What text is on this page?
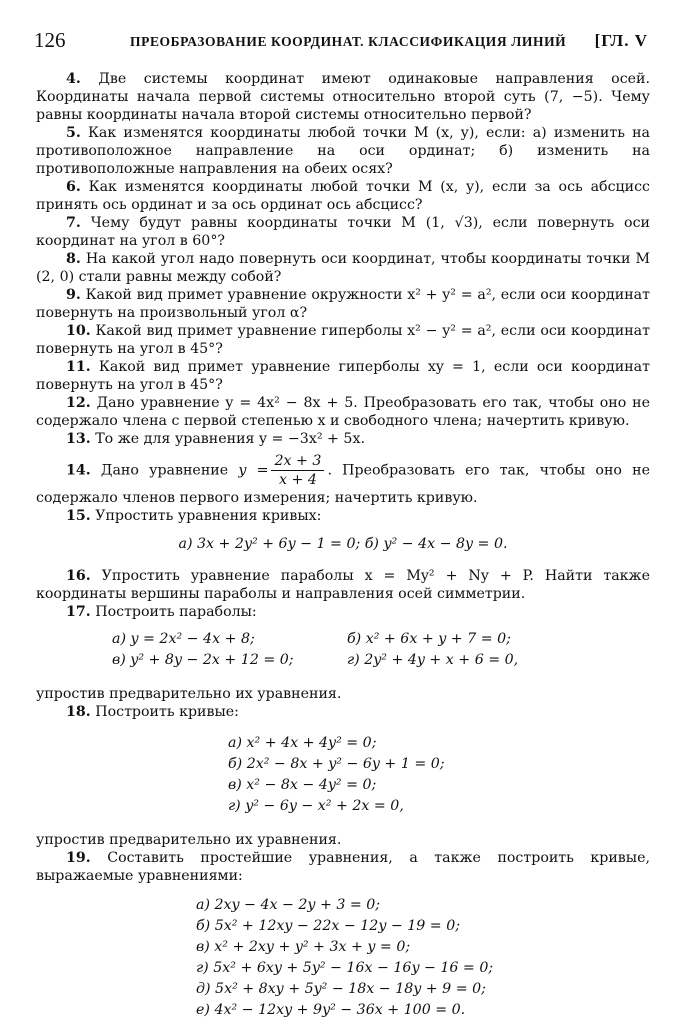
126	ПРЕОБРАЗОВАНИЕ КООРДИНАТ. КЛАССИФИКАЦИЯ ЛИНИЙ [ГЛ. V

4. Две системы координат имеют одинаковые направления осей. Координаты начала первой системы относительно второй суть (7, −5). Чему равны координаты начала второй системы относительно первой?

5. Как изменятся координаты любой точки M (x, y), если: а) изменить на противоположное направление на оси ординат; б) изменить на противоположные направления на обеих осях?

6. Как изменятся координаты любой точки M (x, y), если за ось абсцисс принять ось ординат и за ось ординат ось абсцисс?

7. Чему будут равны координаты точки M (1, √3), если повернуть оси координат на угол в 60°?

8. На какой угол надо повернуть оси координат, чтобы координаты точки M (2, 0) стали равны между собой?

9. Какой вид примет уравнение окружности x² + y² = a², если оси координат повернуть на произвольный угол α?

10. Какой вид примет уравнение гиперболы x² − y² = a², если оси координат повернуть на угол в 45°?

11. Какой вид примет уравнение гиперболы xy = 1, если оси координат повернуть на угол в 45°?

12. Дано уравнение y = 4x² − 8x + 5. Преобразовать его так, чтобы оно не содержало члена с первой степенью x и свободного члена; начертить кривую.

13. То же для уравнения y = −3x² + 5x.

14. Дано уравнение $y = \frac{2x + 3}{x + 4}$ . Преобразовать его так, чтобы оно не содержало членов первого измерения; начертить кривую.

15. Упростить уравнения кривых:

а) 3x + 2y² + 6y − 1 = 0; б) y² − 4x − 8y = 0.

16. Упростить уравнение параболы x = My² + Ny + P. Найти также координаты вершины параболы и направления осей симметрии.

17. Построить параболы:

а) y = 2x² − 4x + 8;	б) x² + 6x + y + 7 = 0;
в) y² + 8y − 2x + 12 = 0;	г) 2y² + 4y + x + 6 = 0,

упростив предварительно их уравнения.

18. Построить кривые:

а) x² + 4x + 4y² = 0;
б) 2x² − 8x + y² − 6y + 1 = 0;
в) x² − 8x − 4y² = 0;
г) y² − 6y − x² + 2x = 0,

упростив предварительно их уравнения.

19. Составить простейшие уравнения, а также построить кривые, выражаемые уравнениями:

а) 2xy − 4x − 2y + 3 = 0;
б) 5x² + 12xy − 22x − 12y − 19 = 0;
в) x² + 2xy + y² + 3x + y = 0;
г) 5x² + 6xy + 5y² − 16x − 16y − 16 = 0;
д) 5x² + 8xy + 5y² − 18x − 18y + 9 = 0;
е) 4x² − 12xy + 9y² − 36x + 100 = 0.
